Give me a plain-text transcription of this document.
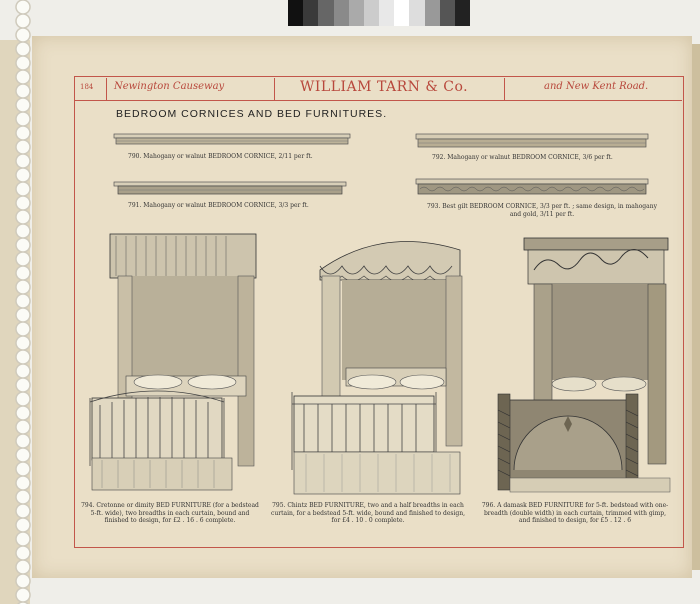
184 Newington Causeway	WILLIAM TARN & Co.	and New Kent Road.
BEDROOM CORNICES AND BED FURNITURES.
790. Mahogany or walnut BEDROOM CORNICE, 2/11 per ft.	792. Mahogany or walnut BEDROOM CORNICE, 3/6 per ft.
791. Mahogany or walnut BEDROOM CORNICE, 3/3 per ft.	793. Best gilt BEDROOM CORNICE, 3/3 per ft. ; same design, in mahogany and gold, 3/11 per ft.
794. Cretonne or dimity BED FURNITURE (for a bedstead 5-ft. wide), two breadths in each curtain, bound and finished to design, for £2 . 16 . 6 complete.
795. Chintz BED FURNITURE, two and a half breadths in each curtain, for a bedstead 5-ft. wide, bound and finished to design, for £4 . 10 . 0 complete.
796. A damask BED FURNITURE for 5-ft. bedstead with one-breadth (double width) in each curtain, trimmed with gimp, and finished to design, for £5 . 12 . 6
